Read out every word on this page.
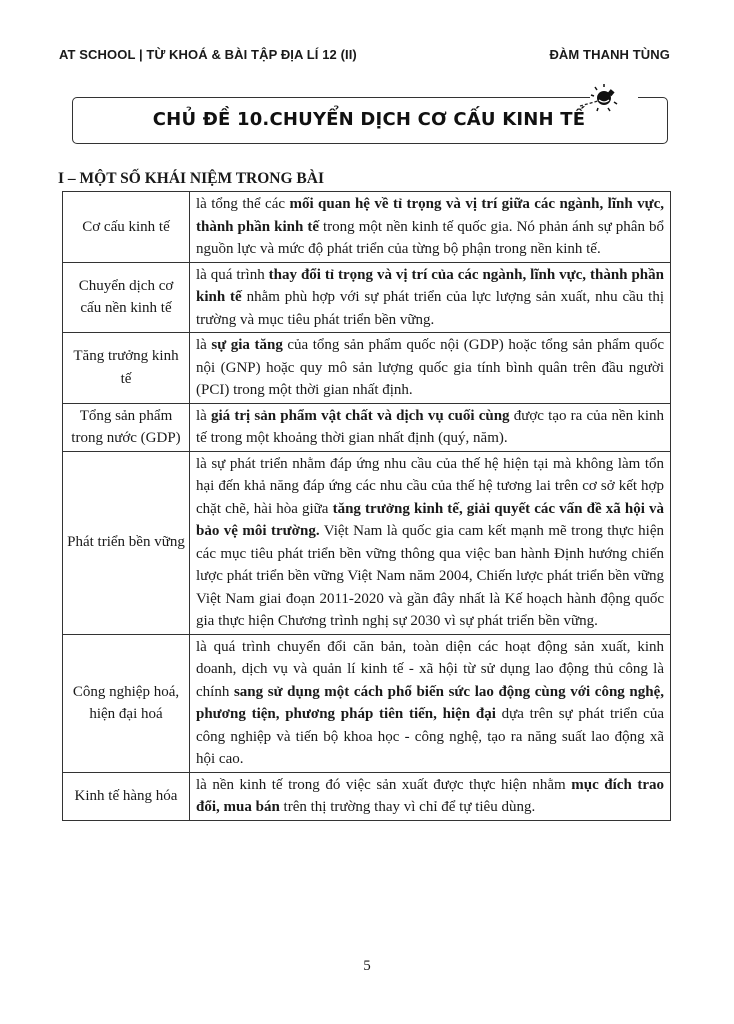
AT SCHOOL | TỪ KHOÁ & BÀI TẬP ĐỊA LÍ 12 (II)	ĐÀM THANH TÙNG
CHỦ ĐỀ 10.CHUYỂN DỊCH CƠ CẤU KINH TẾ
I – MỘT SỐ KHÁI NIỆM TRONG BÀI
Cơ cấu kinh tế	là tổng thể các mối quan hệ về tỉ trọng và vị trí giữa các ngành, lĩnh vực, thành phần kinh tế trong một nền kinh tế quốc gia. Nó phản ánh sự phân bổ nguồn lực và mức độ phát triển của từng bộ phận trong nền kinh tế.
Chuyển dịch cơ cấu nền kinh tế	là quá trình thay đổi tỉ trọng và vị trí của các ngành, lĩnh vực, thành phần kinh tế nhằm phù hợp với sự phát triển của lực lượng sản xuất, nhu cầu thị trường và mục tiêu phát triển bền vững.
Tăng trưởng kinh tế	là sự gia tăng của tổng sản phẩm quốc nội (GDP) hoặc tổng sản phẩm quốc nội (GNP) hoặc quy mô sản lượng quốc gia tính bình quân trên đầu người (PCI) trong một thời gian nhất định.
Tổng sản phẩm trong nước (GDP)	là giá trị sản phẩm vật chất và dịch vụ cuối cùng được tạo ra của nền kinh tế trong một khoảng thời gian nhất định (quý, năm).
Phát triển bền vững	là sự phát triển nhằm đáp ứng nhu cầu của thế hệ hiện tại mà không làm tổn hại đến khả năng đáp ứng các nhu cầu của thế hệ tương lai trên cơ sở kết hợp chặt chẽ, hài hòa giữa tăng trưởng kinh tế, giải quyết các vấn đề xã hội và bảo vệ môi trường. Việt Nam là quốc gia cam kết mạnh mẽ trong thực hiện các mục tiêu phát triển bền vững thông qua việc ban hành Định hướng chiến lược phát triển bền vững Việt Nam năm 2004, Chiến lược phát triển bền vững Việt Nam giai đoạn 2011-2020 và gần đây nhất là Kế hoạch hành động quốc gia thực hiện Chương trình nghị sự 2030 vì sự phát triển bền vững.
Công nghiệp hoá, hiện đại hoá	là quá trình chuyển đổi căn bản, toàn diện các hoạt động sản xuất, kinh doanh, dịch vụ và quản lí kinh tế - xã hội từ sử dụng lao động thủ công là chính sang sử dụng một cách phổ biến sức lao động cùng với công nghệ, phương tiện, phương pháp tiên tiến, hiện đại dựa trên sự phát triển của công nghiệp và tiến bộ khoa học - công nghệ, tạo ra năng suất lao động xã hội cao.
Kinh tế hàng hóa	là nền kinh tế trong đó việc sản xuất được thực hiện nhằm mục đích trao đổi, mua bán trên thị trường thay vì chỉ để tự tiêu dùng.
5
